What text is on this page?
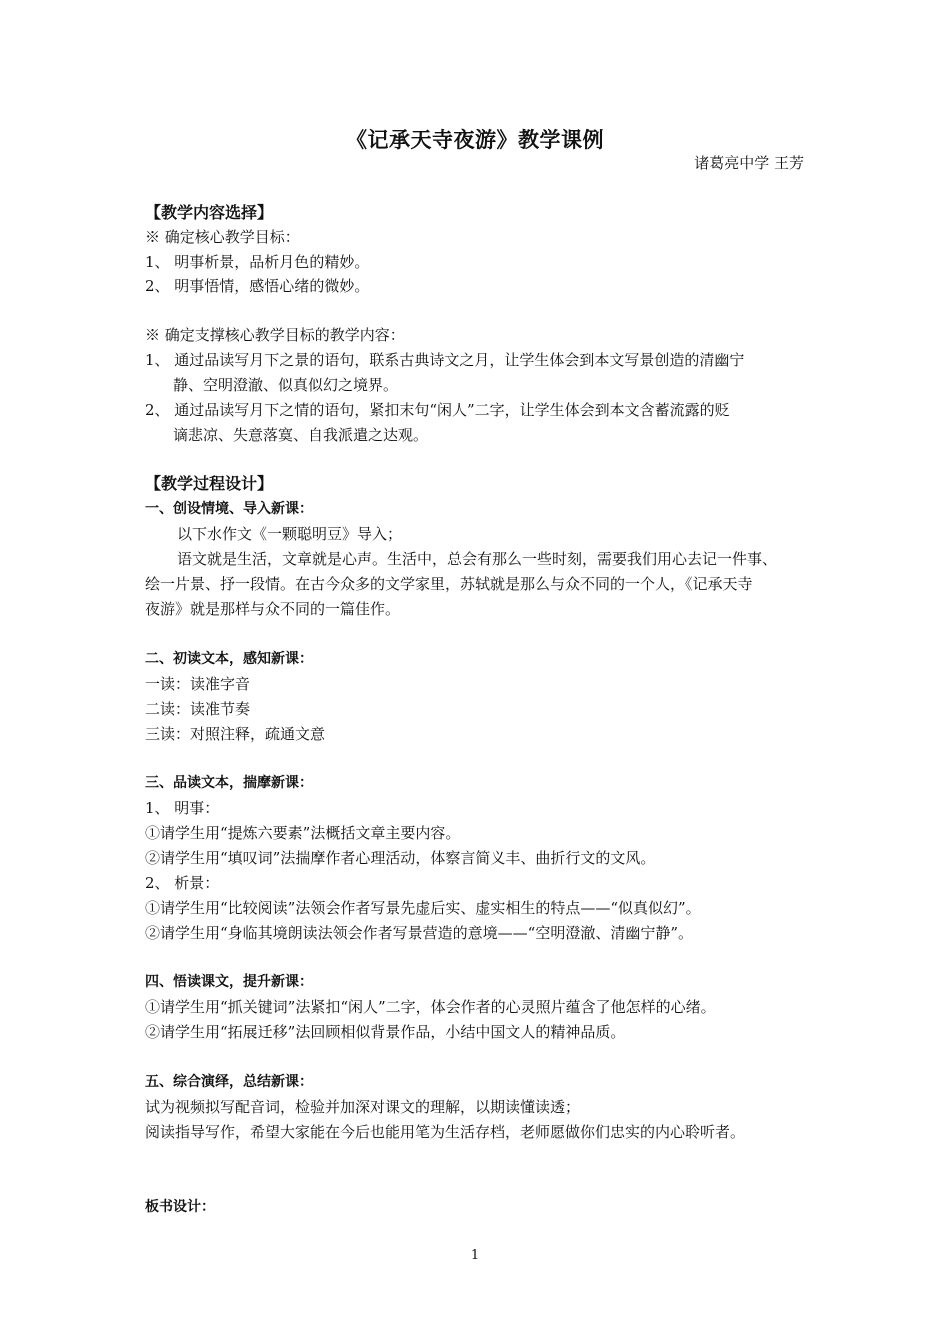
《记承天寺夜游》教学课例
诸葛亮中学 王芳
【教学内容选择】
※ 确定核心教学目标：
1、 明事析景，品析月色的精妙。
2、 明事悟情，感悟心绪的微妙。
※ 确定支撑核心教学目标的教学内容：
1、 通过品读写月下之景的语句，联系古典诗文之月，让学生体会到本文写景创造的清幽宁
静、空明澄澈、似真似幻之境界。
2、 通过品读写月下之情的语句，紧扣末句“闲人”二字，让学生体会到本文含蓄流露的贬
谪悲凉、失意落寞、自我派遣之达观。
【教学过程设计】
一、创设情境、导入新课：
以下水作文《一颗聪明豆》导入；
语文就是生活，文章就是心声。生活中，总会有那么一些时刻，需要我们用心去记一件事、
绘一片景、抒一段情。在古今众多的文学家里，苏轼就是那么与众不同的一个人，《记承天寺
夜游》就是那样与众不同的一篇佳作。
二、初读文本，感知新课：
一读：读准字音
二读：读准节奏
三读：对照注释，疏通文意
三、品读文本，揣摩新课：
1、 明事：
①请学生用“提炼六要素”法概括文章主要内容。
②请学生用“填叹词”法揣摩作者心理活动，体察言简义丰、曲折行文的文风。
2、 析景：
①请学生用“比较阅读”法领会作者写景先虚后实、虚实相生的特点——“似真似幻”。
②请学生用“身临其境朗读法领会作者写景营造的意境——“空明澄澈、清幽宁静”。
四、悟读课文，提升新课：
①请学生用“抓关键词”法紧扣“闲人”二字，体会作者的心灵照片蕴含了他怎样的心绪。
②请学生用“拓展迁移”法回顾相似背景作品，小结中国文人的精神品质。
五、综合演绎，总结新课：
试为视频拟写配音词，检验并加深对课文的理解，以期读懂读透；
阅读指导写作，希望大家能在今后也能用笔为生活存档，老师愿做你们忠实的内心聆听者。
板书设计：
1
